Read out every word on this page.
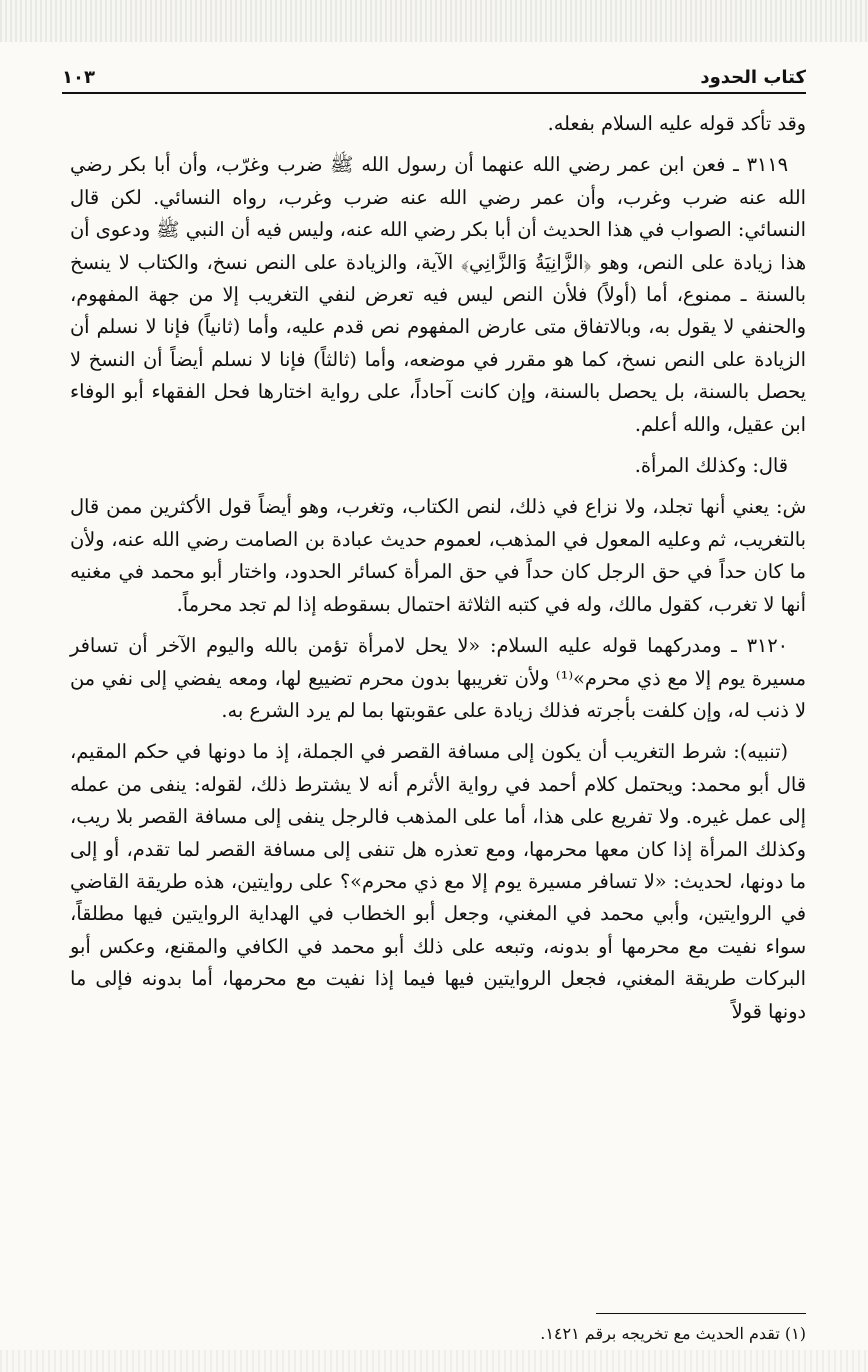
كتاب الحدود
١٠٣

وقد تأكد قوله عليه السلام بفعله.

٣١١٩ ـ فعن ابن عمر رضي الله عنهما أن رسول الله ﷺ ضرب وغرّب، وأن أبا بكر رضي الله عنه ضرب وغرب، وأن عمر رضي الله عنه ضرب وغرب، رواه النسائي. لكن قال النسائي: الصواب في هذا الحديث أن أبا بكر رضي الله عنه، وليس فيه أن النبي ﷺ ودعوى أن هذا زيادة على النص، وهو ﴿الزَّانِيَةُ وَالزَّانِي﴾ الآية، والزيادة على النص نسخ، والكتاب لا ينسخ بالسنة ـ ممنوع، أما (أولاً) فلأن النص ليس فيه تعرض لنفي التغريب إلا من جهة المفهوم، والحنفي لا يقول به، وبالاتفاق متى عارض المفهوم نص قدم عليه، وأما (ثانياً) فإنا لا نسلم أن الزيادة على النص نسخ، كما هو مقرر في موضعه، وأما (ثالثاً) فإنا لا نسلم أيضاً أن النسخ لا يحصل بالسنة، بل يحصل بالسنة، وإن كانت آحاداً، على رواية اختارها فحل الفقهاء أبو الوفاء ابن عقيل، والله أعلم.

قال: وكذلك المرأة.

ش: يعني أنها تجلد، ولا نزاع في ذلك، لنص الكتاب، وتغرب، وهو أيضاً قول الأكثرين ممن قال بالتغريب، ثم وعليه المعول في المذهب، لعموم حديث عبادة بن الصامت رضي الله عنه، ولأن ما كان حداً في حق الرجل كان حداً في حق المرأة كسائر الحدود، واختار أبو محمد في مغنيه أنها لا تغرب، كقول مالك، وله في كتبه الثلاثة احتمال بسقوطه إذا لم تجد محرماً.

٣١٢٠ ـ ومدركهما قوله عليه السلام: «لا يحل لامرأة تؤمن بالله واليوم الآخر أن تسافر مسيرة يوم إلا مع ذي محرم»⁽¹⁾ ولأن تغريبها بدون محرم تضييع لها، ومعه يفضي إلى نفي من لا ذنب له، وإن كلفت بأجرته فذلك زيادة على عقوبتها بما لم يرد الشرع به.

(تنبيه): شرط التغريب أن يكون إلى مسافة القصر في الجملة، إذ ما دونها في حكم المقيم، قال أبو محمد: ويحتمل كلام أحمد في رواية الأثرم أنه لا يشترط ذلك، لقوله: ينفى من عمله إلى عمل غيره. ولا تفريع على هذا، أما على المذهب فالرجل ينفى إلى مسافة القصر بلا ريب، وكذلك المرأة إذا كان معها محرمها، ومع تعذره هل تنفى إلى مسافة القصر لما تقدم، أو إلى ما دونها، لحديث: «لا تسافر مسيرة يوم إلا مع ذي محرم»؟ على روايتين، هذه طريقة القاضي في الروايتين، وأبي محمد في المغني، وجعل أبو الخطاب في الهداية الروايتين فيها مطلقاً، سواء نفيت مع محرمها أو بدونه، وتبعه على ذلك أبو محمد في الكافي والمقنع، وعكس أبو البركات طريقة المغني، فجعل الروايتين فيها فيما إذا نفيت مع محرمها، أما بدونه فإلى ما دونها قولاً

(١) تقدم الحديث مع تخريجه برقم ١٤٢١.
